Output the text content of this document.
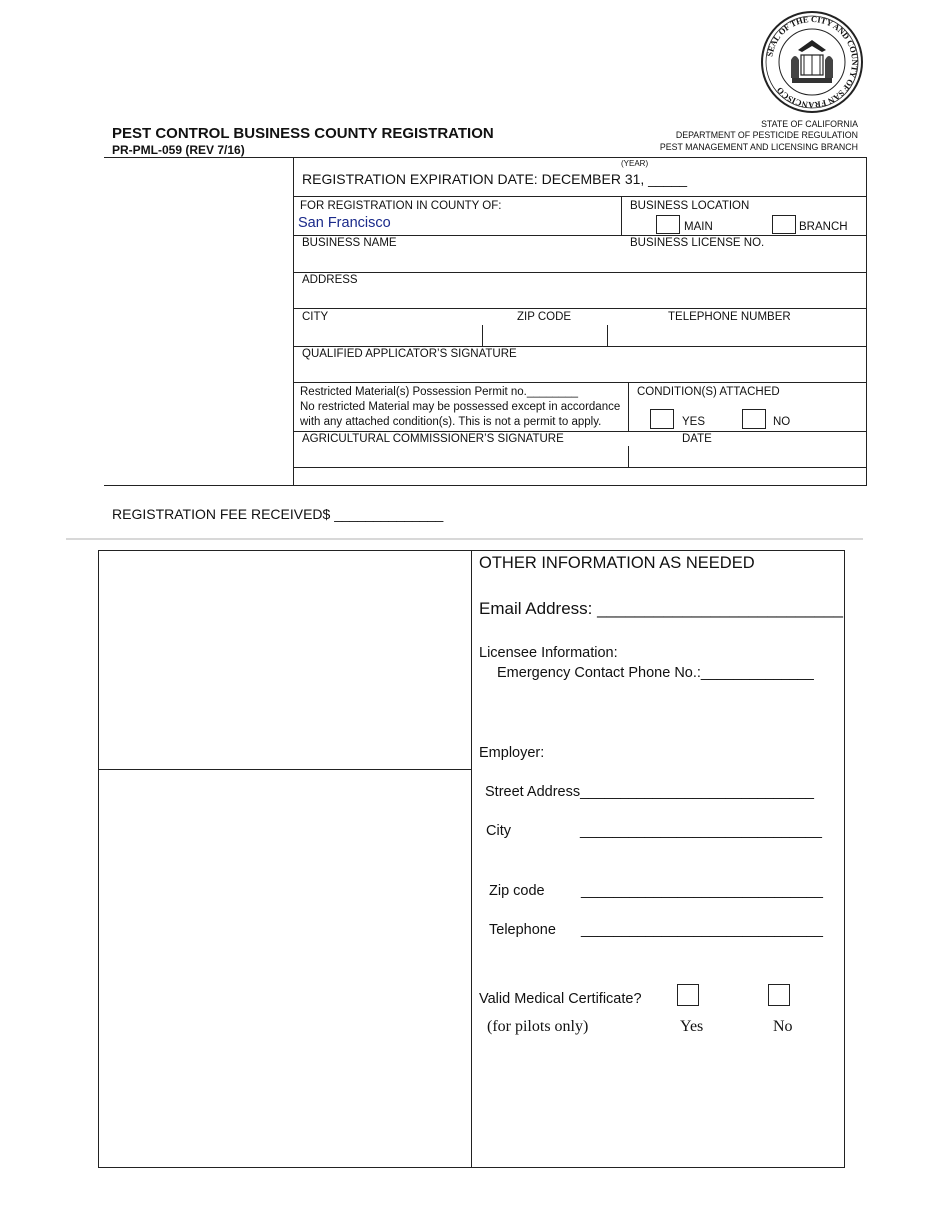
SEAL OF THE CITY AND COUNTY OF SAN FRANCISCO
PEST CONTROL BUSINESS COUNTY REGISTRATION
PR-PML-059 (REV 7/16)
STATE OF CALIFORNIA
DEPARTMENT OF PESTICIDE REGULATION
PEST MANAGEMENT AND LICENSING BRANCH
(YEAR)
REGISTRATION EXPIRATION DATE: DECEMBER 31, _____
FOR REGISTRATION IN COUNTY OF:
San Francisco
BUSINESS LOCATION
MAIN	BRANCH
BUSINESS NAME	BUSINESS LICENSE NO.
ADDRESS
CITY	ZIP CODE	TELEPHONE NUMBER
QUALIFIED APPLICATOR’S SIGNATURE
Restricted Material(s) Possession Permit no.________
No restricted Material may be possessed except in accordance
with any attached condition(s). This is not a permit to apply.
CONDITION(S) ATTACHED
YES	NO
AGRICULTURAL COMMISSIONER’S SIGNATURE	DATE
REGISTRATION FEE RECEIVED$ ______________
OTHER INFORMATION AS NEEDED
Email Address: __________________________
Licensee Information:
Emergency Contact Phone No.:______________
Employer:
Street Address_____________________________
City	______________________________
Zip code	______________________________
Telephone ______________________________
Valid Medical Certificate?
(for pilots only)	Yes	No
